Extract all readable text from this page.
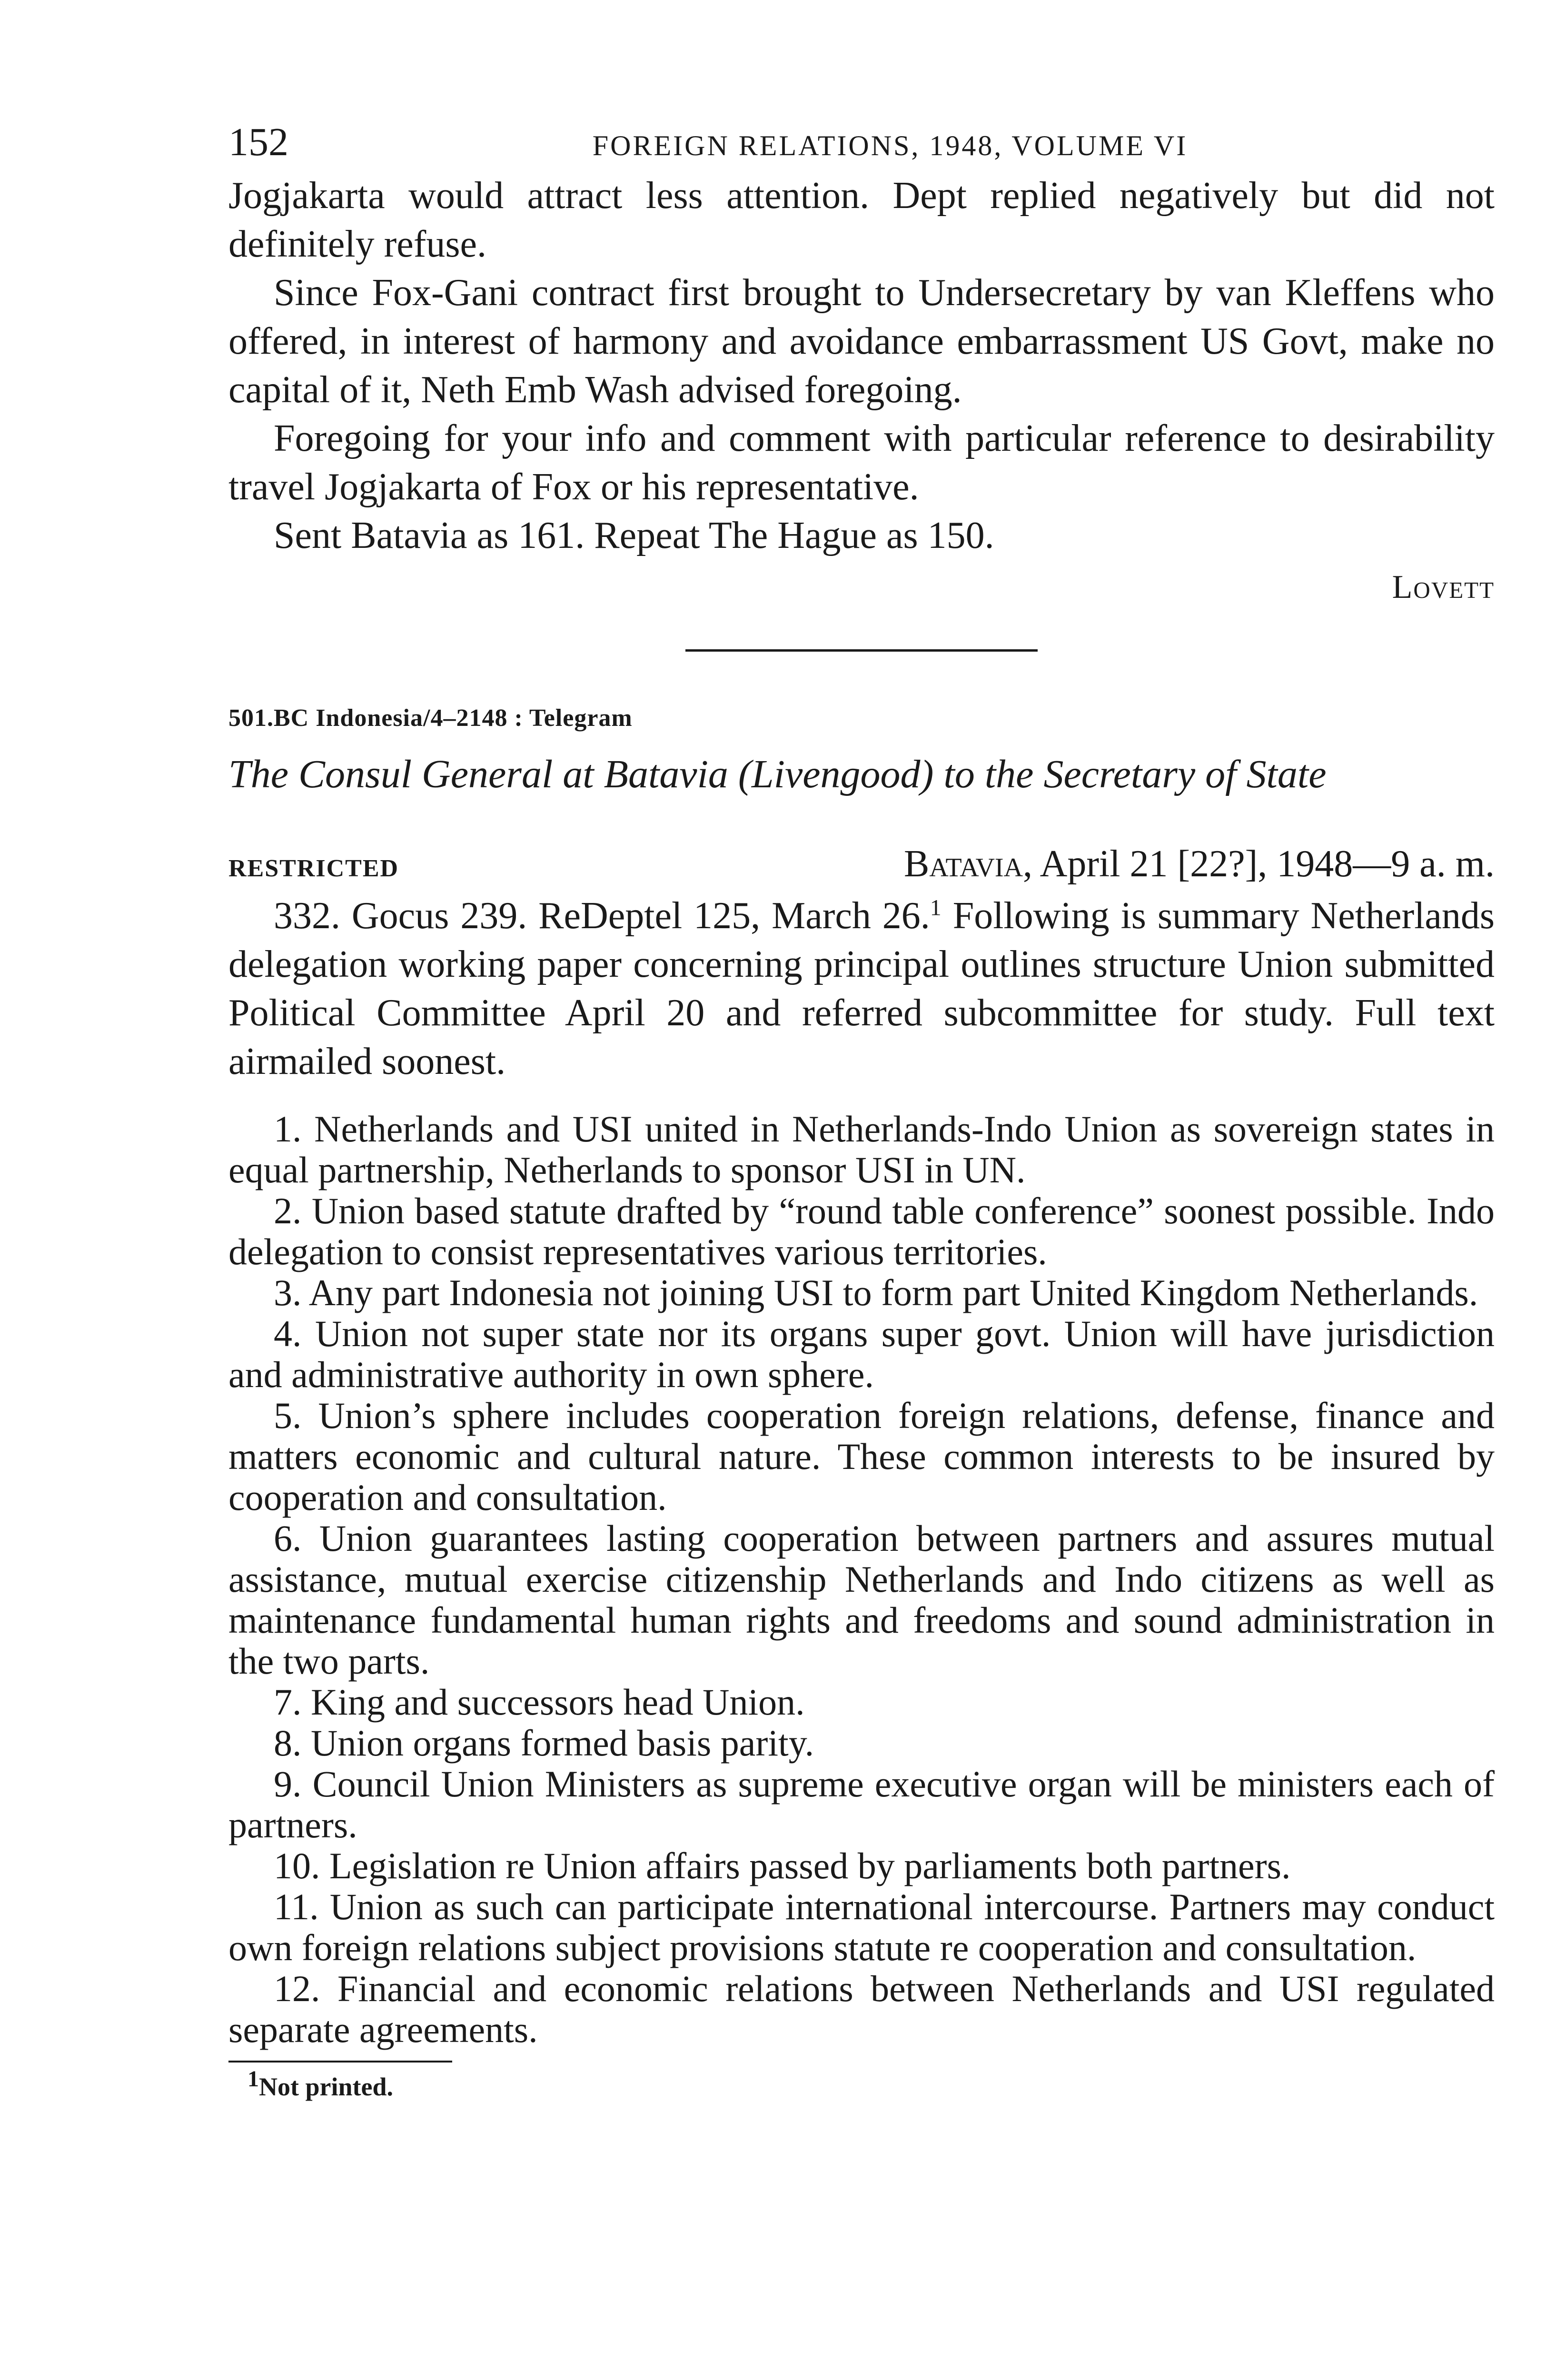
152	FOREIGN RELATIONS, 1948, VOLUME VI

Jogjakarta would attract less attention. Dept replied negatively but did not definitely refuse.

Since Fox-Gani contract first brought to Undersecretary by van Kleffens who offered, in interest of harmony and avoidance embarrassment US Govt, make no capital of it, Neth Emb Wash advised foregoing.

Foregoing for your info and comment with particular reference to desirability travel Jogjakarta of Fox or his representative.

Sent Batavia as 161. Repeat The Hague as 150.

Lovett
501.BC Indonesia/4–2148 : Telegram
The Consul General at Batavia (Livengood) to the Secretary of State
RESTRICTED	Batavia, April 21 [22?], 1948—9 a. m.

332. Gocus 239. ReDeptel 125, March 26.$^1$ Following is summary Netherlands delegation working paper concerning principal outlines structure Union submitted Political Committee April 20 and referred subcommittee for study. Full text airmailed soonest.

1. Netherlands and USI united in Netherlands-Indo Union as sovereign states in equal partnership, Netherlands to sponsor USI in UN.

2. Union based statute drafted by “round table conference” soonest possible. Indo delegation to consist representatives various territories.

3. Any part Indonesia not joining USI to form part United Kingdom Netherlands.

4. Union not super state nor its organs super govt. Union will have jurisdiction and administrative authority in own sphere.

5. Union’s sphere includes cooperation foreign relations, defense, finance and matters economic and cultural nature. These common interests to be insured by cooperation and consultation.

6. Union guarantees lasting cooperation between partners and assures mutual assistance, mutual exercise citizenship Netherlands and Indo citizens as well as maintenance fundamental human rights and freedoms and sound administration in the two parts.

7. King and successors head Union.

8. Union organs formed basis parity.

9. Council Union Ministers as supreme executive organ will be ministers each of partners.

10. Legislation re Union affairs passed by parliaments both partners.

11. Union as such can participate international intercourse. Partners may conduct own foreign relations subject provisions statute re cooperation and consultation.

12. Financial and economic relations between Netherlands and USI regulated separate agreements.

$^1$Not printed.
